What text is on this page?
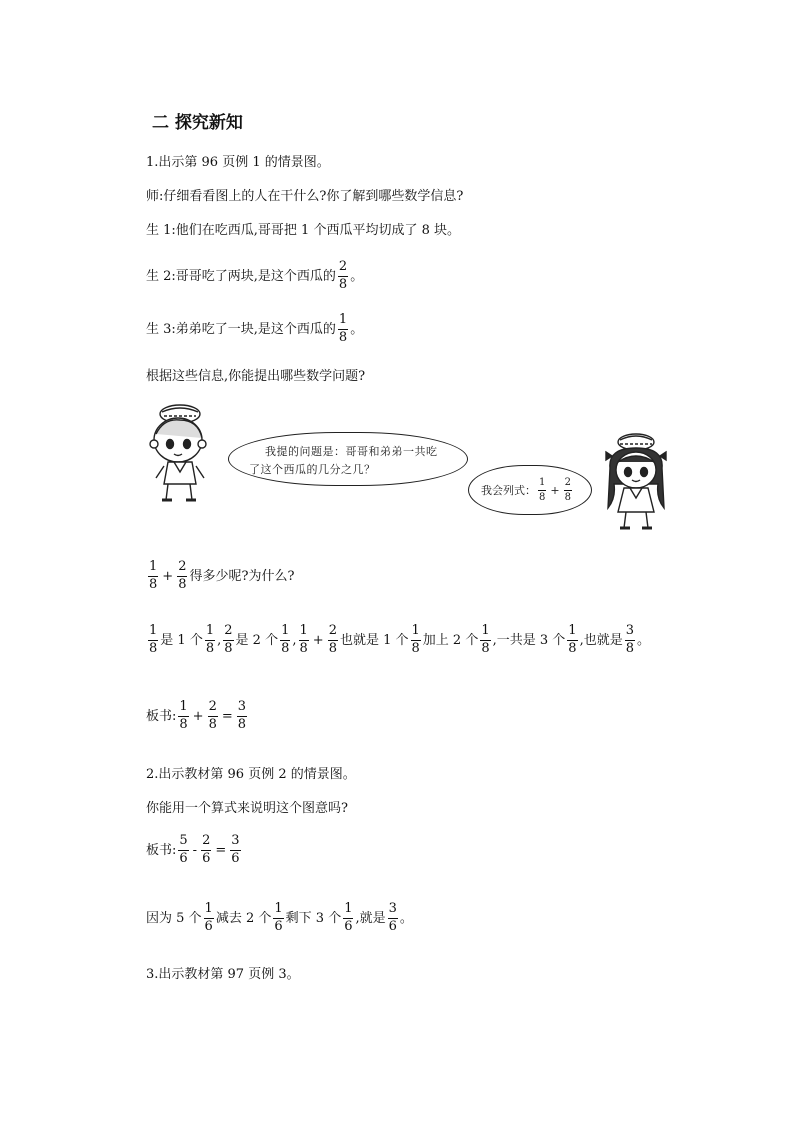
二 探究新知
1.出示第 96 页例 1 的情景图。
师:仔细看看图上的人在干什么?你了解到哪些数学信息?
生 1:他们在吃西瓜,哥哥把 1 个西瓜平均切成了 8 块。
生 2:哥哥吃了两块,是这个西瓜的 $\frac{2}{8}$ 。
生 3:弟弟吃了一块,是这个西瓜的 $\frac{1}{8}$ 。
根据这些信息,你能提出哪些数学问题?
我提的问题是：哥哥和弟弟一共吃
了这个西瓜的几分之几？
我会列式： $\frac{1}{8} + \frac{2}{8}$
$\frac{1}{8} + \frac{2}{8}$ 得多少呢?为什么?
$\frac{1}{8}$ 是 1 个 $\frac{1}{8}$ , $\frac{2}{8}$ 是 2 个 $\frac{1}{8}$ , $\frac{1}{8} + \frac{2}{8}$ 也就是 1 个 $\frac{1}{8}$ 加上 2 个 $\frac{1}{8}$ ,一共是 3 个 $\frac{1}{8}$ ,也就是 $\frac{3}{8}$ 。
板书: $\frac{1}{8} + \frac{2}{8} = \frac{3}{8}$
2.出示教材第 96 页例 2 的情景图。
你能用一个算式来说明这个图意吗?
板书: $\frac{5}{6} - \frac{2}{6} = \frac{3}{6}$
因为 5 个 $\frac{1}{6}$ 减去 2 个 $\frac{1}{6}$ 剩下 3 个 $\frac{1}{6}$ ,就是 $\frac{3}{6}$ 。
3.出示教材第 97 页例 3。
